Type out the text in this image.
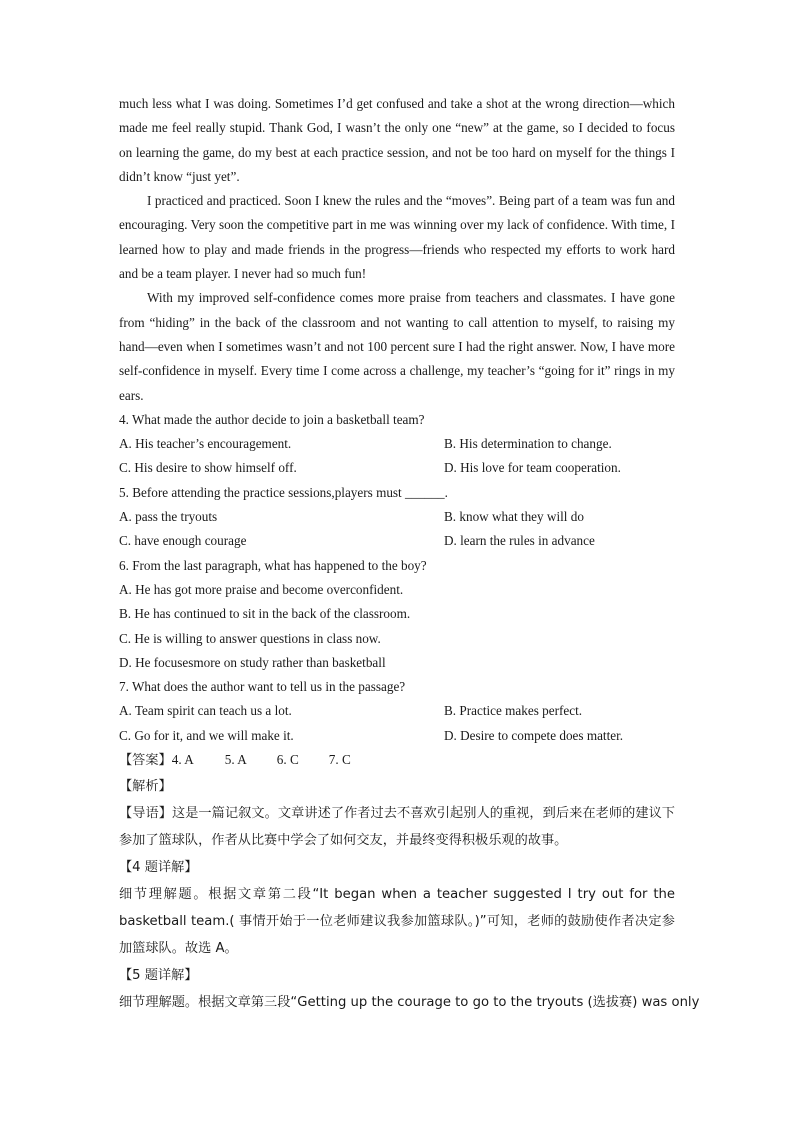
much less what I was doing. Sometimes I’d get confused and take a shot at the wrong direction—which made me feel really stupid. Thank God, I wasn’t the only one “new” at the game, so I decided to focus on learning the game, do my best at each practice session, and not be too hard on myself for the things I didn’t know “just yet”.

I practiced and practiced. Soon I knew the rules and the “moves”. Being part of a team was fun and encouraging. Very soon the competitive part in me was winning over my lack of confidence. With time, I learned how to play and made friends in the progress—friends who respected my efforts to work hard and be a team player. I never had so much fun!

With my improved self-confidence comes more praise from teachers and classmates. I have gone from “hiding” in the back of the classroom and not wanting to call attention to myself, to raising my hand—even when I sometimes wasn’t and not 100 percent sure I had the right answer. Now, I have more self-confidence in myself. Every time I come across a challenge, my teacher’s “going for it” rings in my ears.

4. What made the author decide to join a basketball team?

A. His teacher’s encouragement.	B. His determination to change.
C. His desire to show himself off.	D. His love for team cooperation.

5. Before attending the practice sessions,players must ______.

A. pass the tryouts	B. know what they will do
C. have enough courage	D. learn the rules in advance

6. From the last paragraph, what has happened to the boy?

A. He has got more praise and become overconfident.
B. He has continued to sit in the back of the classroom.
C. He is willing to answer questions in class now.
D. He focusesmore on study rather than basketball

7. What does the author want to tell us in the passage?

A. Team spirit can teach us a lot.	B. Practice makes perfect.
C. Go for it, and we will make it.	D. Desire to compete does matter.
【答案】4. A 5. A 6. C 7. C
【解析】

【导语】这是一篇记叙文。文章讲述了作者过去不喜欢引起别人的重视，到后来在老师的建议下参加了篮球队，作者从比赛中学会了如何交友，并最终变得积极乐观的故事。

【4 题详解】

细节理解题。根据文章第二段“It began when a teacher suggested I try out for the basketball team.( 事情开始于一位老师建议我参加篮球队。)”可知，老师的鼓励使作者决定参加篮球队。故选 A。

【5 题详解】

细节理解题。根据文章第三段“Getting up the courage to go to the tryouts (选拔赛) was only
